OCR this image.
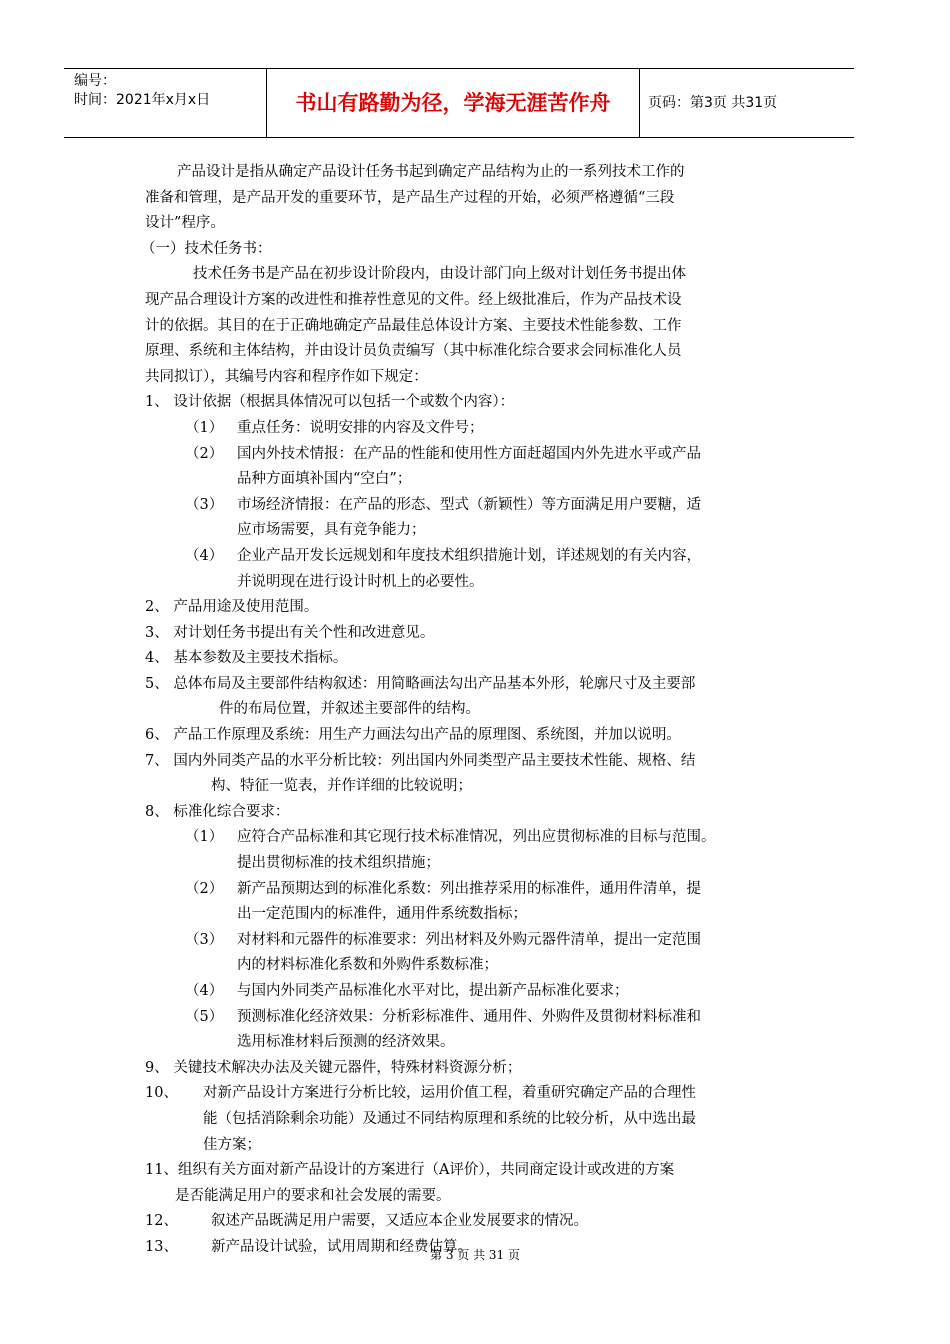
编号：
时间：2021年x月x日	书山有路勤为径，学海无涯苦作舟	页码：第3页 共31页
产品设计是指从确定产品设计任务书起到确定产品结构为止的一系列技术工作的
准备和管理，是产品开发的重要环节，是产品生产过程的开始，必须严格遵循“三段
设计”程序。
（一）技术任务书：
技术任务书是产品在初步设计阶段内，由设计部门向上级对计划任务书提出体
现产品合理设计方案的改进性和推荐性意见的文件。经上级批准后，作为产品技术设
计的依据。其目的在于正确地确定产品最佳总体设计方案、主要技术性能参数、工作
原理、系统和主体结构，并由设计员负责编写（其中标准化综合要求会同标准化人员
共同拟订），其编号内容和程序作如下规定：
1、 设计依据（根据具体情况可以包括一个或数个内容）：
（1） 重点任务：说明安排的内容及文件号；
（2） 国内外技术情报：在产品的性能和使用性方面赶超国内外先进水平或产品
品种方面填补国内“空白”；
（3） 市场经济情报：在产品的形态、型式（新颖性）等方面满足用户要糖，适
应市场需要，具有竞争能力；
（4） 企业产品开发长远规划和年度技术组织措施计划，详述规划的有关内容，
并说明现在进行设计时机上的必要性。
2、 产品用途及使用范围。
3、 对计划任务书提出有关个性和改进意见。
4、 基本参数及主要技术指标。
5、 总体布局及主要部件结构叙述：用简略画法勾出产品基本外形，轮廓尺寸及主要部
件的布局位置，并叙述主要部件的结构。
6、 产品工作原理及系统：用生产力画法勾出产品的原理图、系统图，并加以说明。
7、 国内外同类产品的水平分析比较：列出国内外同类型产品主要技术性能、规格、结
构、特征一览表，并作详细的比较说明；
8、 标准化综合要求：
（1） 应符合产品标准和其它现行技术标准情况，列出应贯彻标准的目标与范围。
提出贯彻标准的技术组织措施；
（2） 新产品预期达到的标准化系数：列出推荐采用的标准件，通用件清单，提
出一定范围内的标准件，通用件系统数指标；
（3） 对材料和元器件的标准要求：列出材料及外购元器件清单，提出一定范围
内的材料标准化系数和外购件系数标准；
（4） 与国内外同类产品标准化水平对比，提出新产品标准化要求；
（5） 预测标准化经济效果：分析彩标准件、通用件、外购件及贯彻材料标准和
选用标准材料后预测的经济效果。
9、 关键技术解决办法及关键元器件，特殊材料资源分析；
10、 对新产品设计方案进行分析比较，运用价值工程，着重研究确定产品的合理性
能（包括消除剩余功能）及通过不同结构原理和系统的比较分析，从中选出最
佳方案；
11、组织有关方面对新产品设计的方案进行（A评价），共同商定设计或改进的方案
是否能满足用户的要求和社会发展的需要。
12、 叙述产品既满足用户需要，又适应本企业发展要求的情况。
13、 新产品设计试验，试用周期和经费估算。
第 3 页 共 31 页
